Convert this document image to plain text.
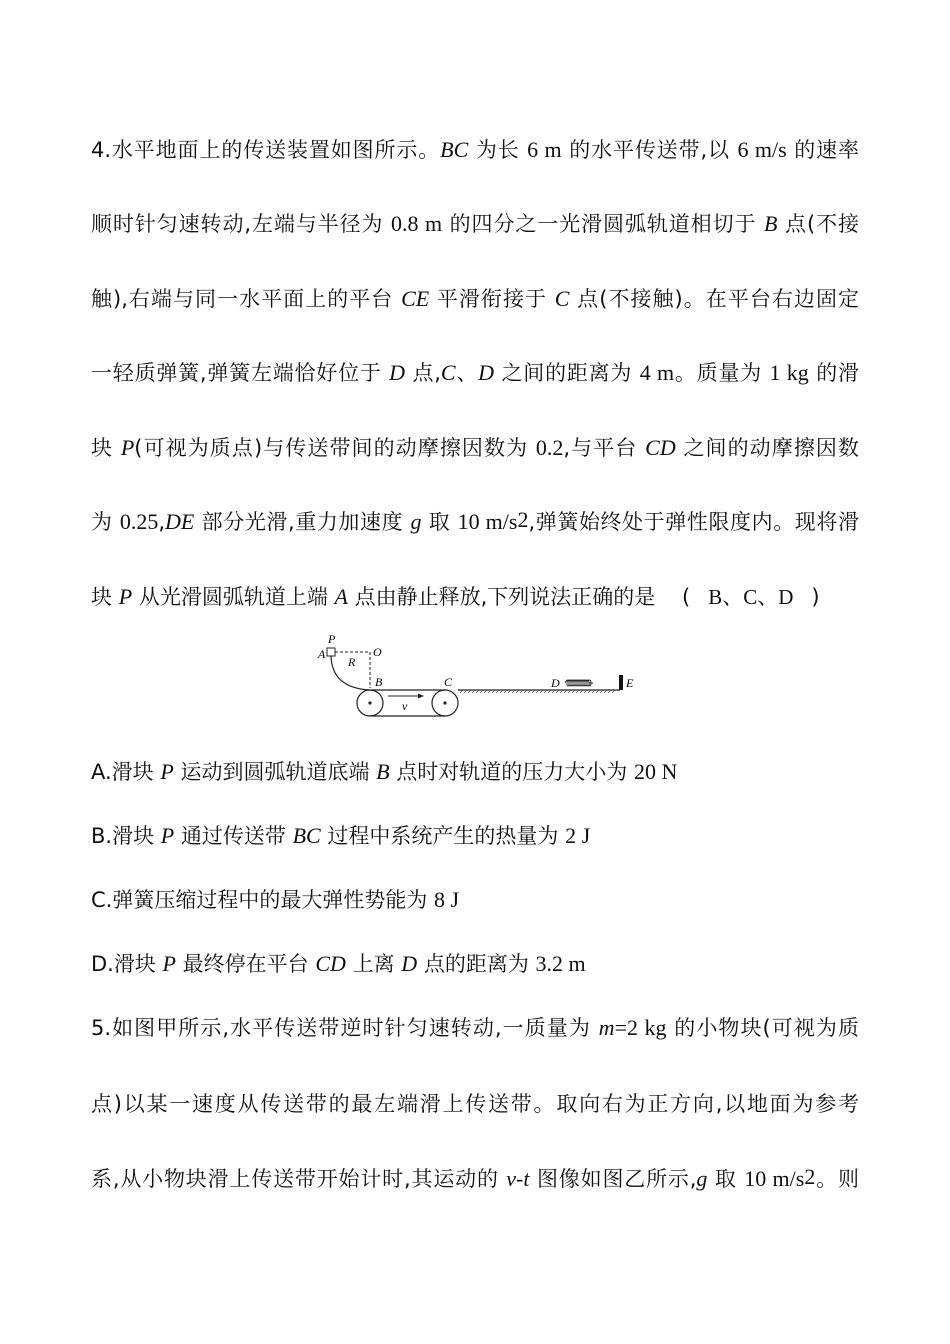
4.水平地面上的传送装置如图所示。BC 为长 6 m 的水平传送带,以 6 m/s 的速率
顺时针匀速转动,左端与半径为 0.8 m 的四分之一光滑圆弧轨道相切于 B 点(不接
触),右端与同一水平面上的平台 CE 平滑衔接于 C 点(不接触)。在平台右边固定
一轻质弹簧,弹簧左端恰好位于 D 点,C、D 之间的距离为 4 m。质量为 1 kg 的滑
块 P(可视为质点)与传送带间的动摩擦因数为 0.2,与平台 CD 之间的动摩擦因数
为 0.25,DE 部分光滑,重力加速度 g 取 10 $m/s^2$,弹簧始终处于弹性限度内。现将滑
块 P 从光滑圆弧轨道上端 A 点由静止释放,下列说法正确的是 ( B、C、D )
P
A	O
R
B
v
C	D	E
A.滑块 P 运动到圆弧轨道底端 B 点时对轨道的压力大小为 20 N
B.滑块 P 通过传送带 BC 过程中系统产生的热量为 2 J
C.弹簧压缩过程中的最大弹性势能为 8 J
D.滑块 P 最终停在平台 CD 上离 D 点的距离为 3.2 m
5.如图甲所示,水平传送带逆时针匀速转动,一质量为 m=2 kg 的小物块(可视为质
点)以某一速度从传送带的最左端滑上传送带。取向右为正方向,以地面为参考
系,从小物块滑上传送带开始计时,其运动的 v-t 图像如图乙所示,g 取 10 $m/s^2$。则
